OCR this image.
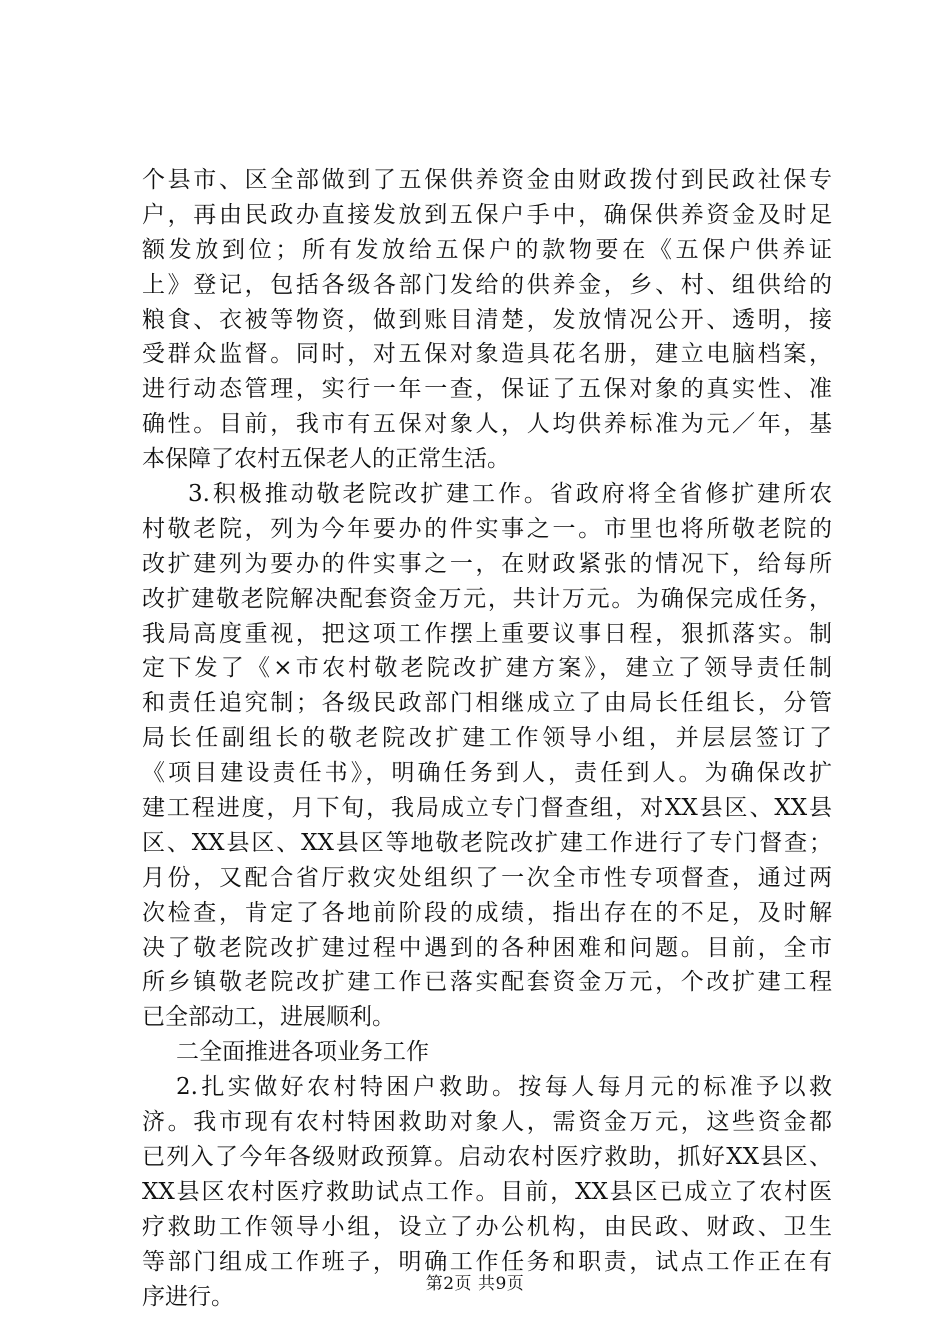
个县市、区全部做到了五保供养资金由财政拨付到民政社保专
户，再由民政办直接发放到五保户手中，确保供养资金及时足
额发放到位；所有发放给五保户的款物要在《五保户供养证
上》登记，包括各级各部门发给的供养金，乡、村、组供给的
粮食、衣被等物资，做到账目清楚，发放情况公开、透明，接
受群众监督。同时，对五保对象造具花名册，建立电脑档案，
进行动态管理，实行一年一查，保证了五保对象的真实性、准
确性。目前，我市有五保对象人，人均供养标准为元／年，基
本保障了农村五保老人的正常生活。
3.积极推动敬老院改扩建工作。省政府将全省修扩建所农
村敬老院，列为今年要办的件实事之一。市里也将所敬老院的
改扩建列为要办的件实事之一，在财政紧张的情况下，给每所
改扩建敬老院解决配套资金万元，共计万元。为确保完成任务，
我局高度重视，把这项工作摆上重要议事日程，狠抓落实。制
定下发了《×市农村敬老院改扩建方案》，建立了领导责任制
和责任追究制；各级民政部门相继成立了由局长任组长，分管
局长任副组长的敬老院改扩建工作领导小组，并层层签订了
《项目建设责任书》，明确任务到人，责任到人。为确保改扩
建工程进度，月下旬，我局成立专门督查组，对XX县区、XX县
区、XX县区、XX县区等地敬老院改扩建工作进行了专门督查；
月份，又配合省厅救灾处组织了一次全市性专项督查，通过两
次检查，肯定了各地前阶段的成绩，指出存在的不足，及时解
决了敬老院改扩建过程中遇到的各种困难和问题。目前，全市
所乡镇敬老院改扩建工作已落实配套资金万元，个改扩建工程
已全部动工，进展顺利。
二全面推进各项业务工作
2.扎实做好农村特困户救助。按每人每月元的标准予以救
济。我市现有农村特困救助对象人，需资金万元，这些资金都
已列入了今年各级财政预算。启动农村医疗救助，抓好XX县区、
XX县区农村医疗救助试点工作。目前，XX县区已成立了农村医
疗救助工作领导小组，设立了办公机构，由民政、财政、卫生
等部门组成工作班子，明确工作任务和职责，试点工作正在有
序进行。	第2页 共9页
